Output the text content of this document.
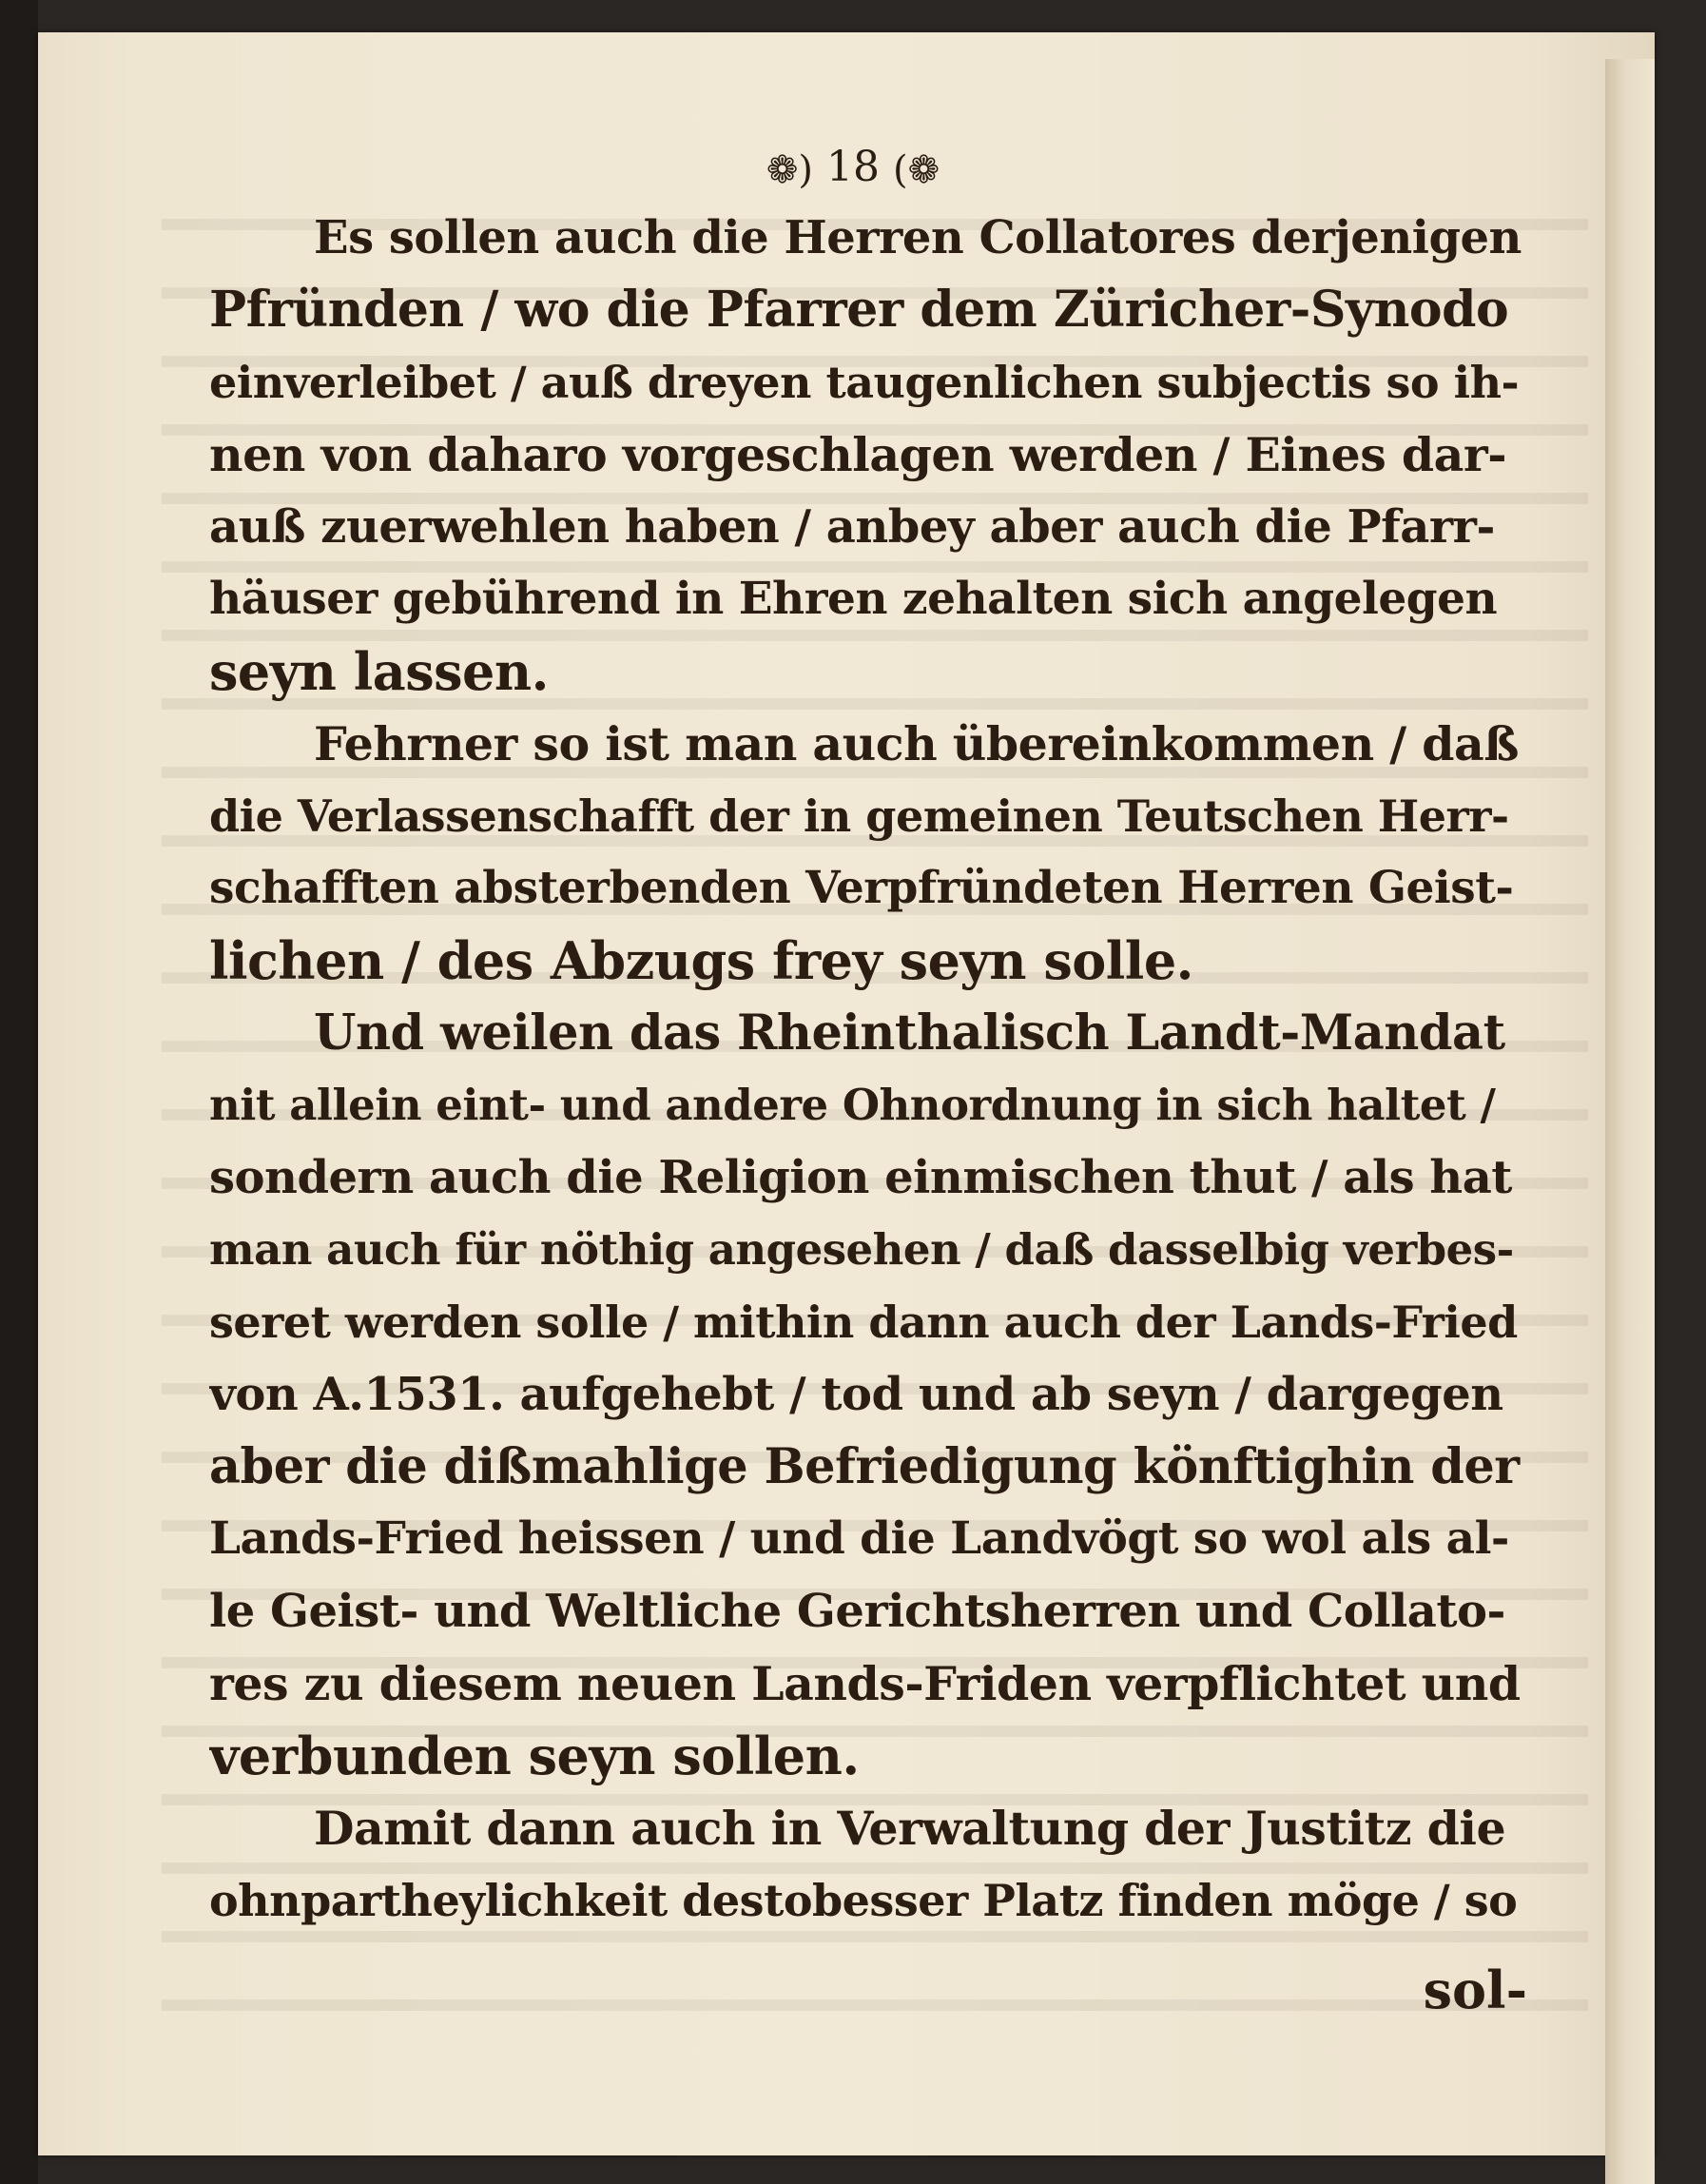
❁) 18 (❁
Es sollen auch die Herren Collatores derjenigen
Pfründen / wo die Pfarrer dem Züricher-Synodo
einverleibet / auß dreyen taugenlichen subjectis so ih-
nen von daharo vorgeschlagen werden / Eines dar-
auß zuerwehlen haben / anbey aber auch die Pfarr-
häuser gebührend in Ehren zehalten sich angelegen
seyn lassen.
Fehrner so ist man auch übereinkommen / daß
die Verlassenschafft der in gemeinen Teutschen Herr-
schafften absterbenden Verpfründeten Herren Geist-
lichen / des Abzugs frey seyn solle.
Und weilen das Rheinthalisch Landt-Mandat
nit allein eint- und andere Ohnordnung in sich haltet /
sondern auch die Religion einmischen thut / als hat
man auch für nöthig angesehen / daß dasselbig verbes-
seret werden solle / mithin dann auch der Lands-Fried
von A.1531. aufgehebt / tod und ab seyn / dargegen
aber die dißmahlige Befriedigung könftighin der
Lands-Fried heissen / und die Landvögt so wol als al-
le Geist- und Weltliche Gerichtsherren und Collato-
res zu diesem neuen Lands-Friden verpflichtet und
verbunden seyn sollen.
Damit dann auch in Verwaltung der Justitz die
ohnpartheylichkeit destobesser Platz finden möge / so
sol-
